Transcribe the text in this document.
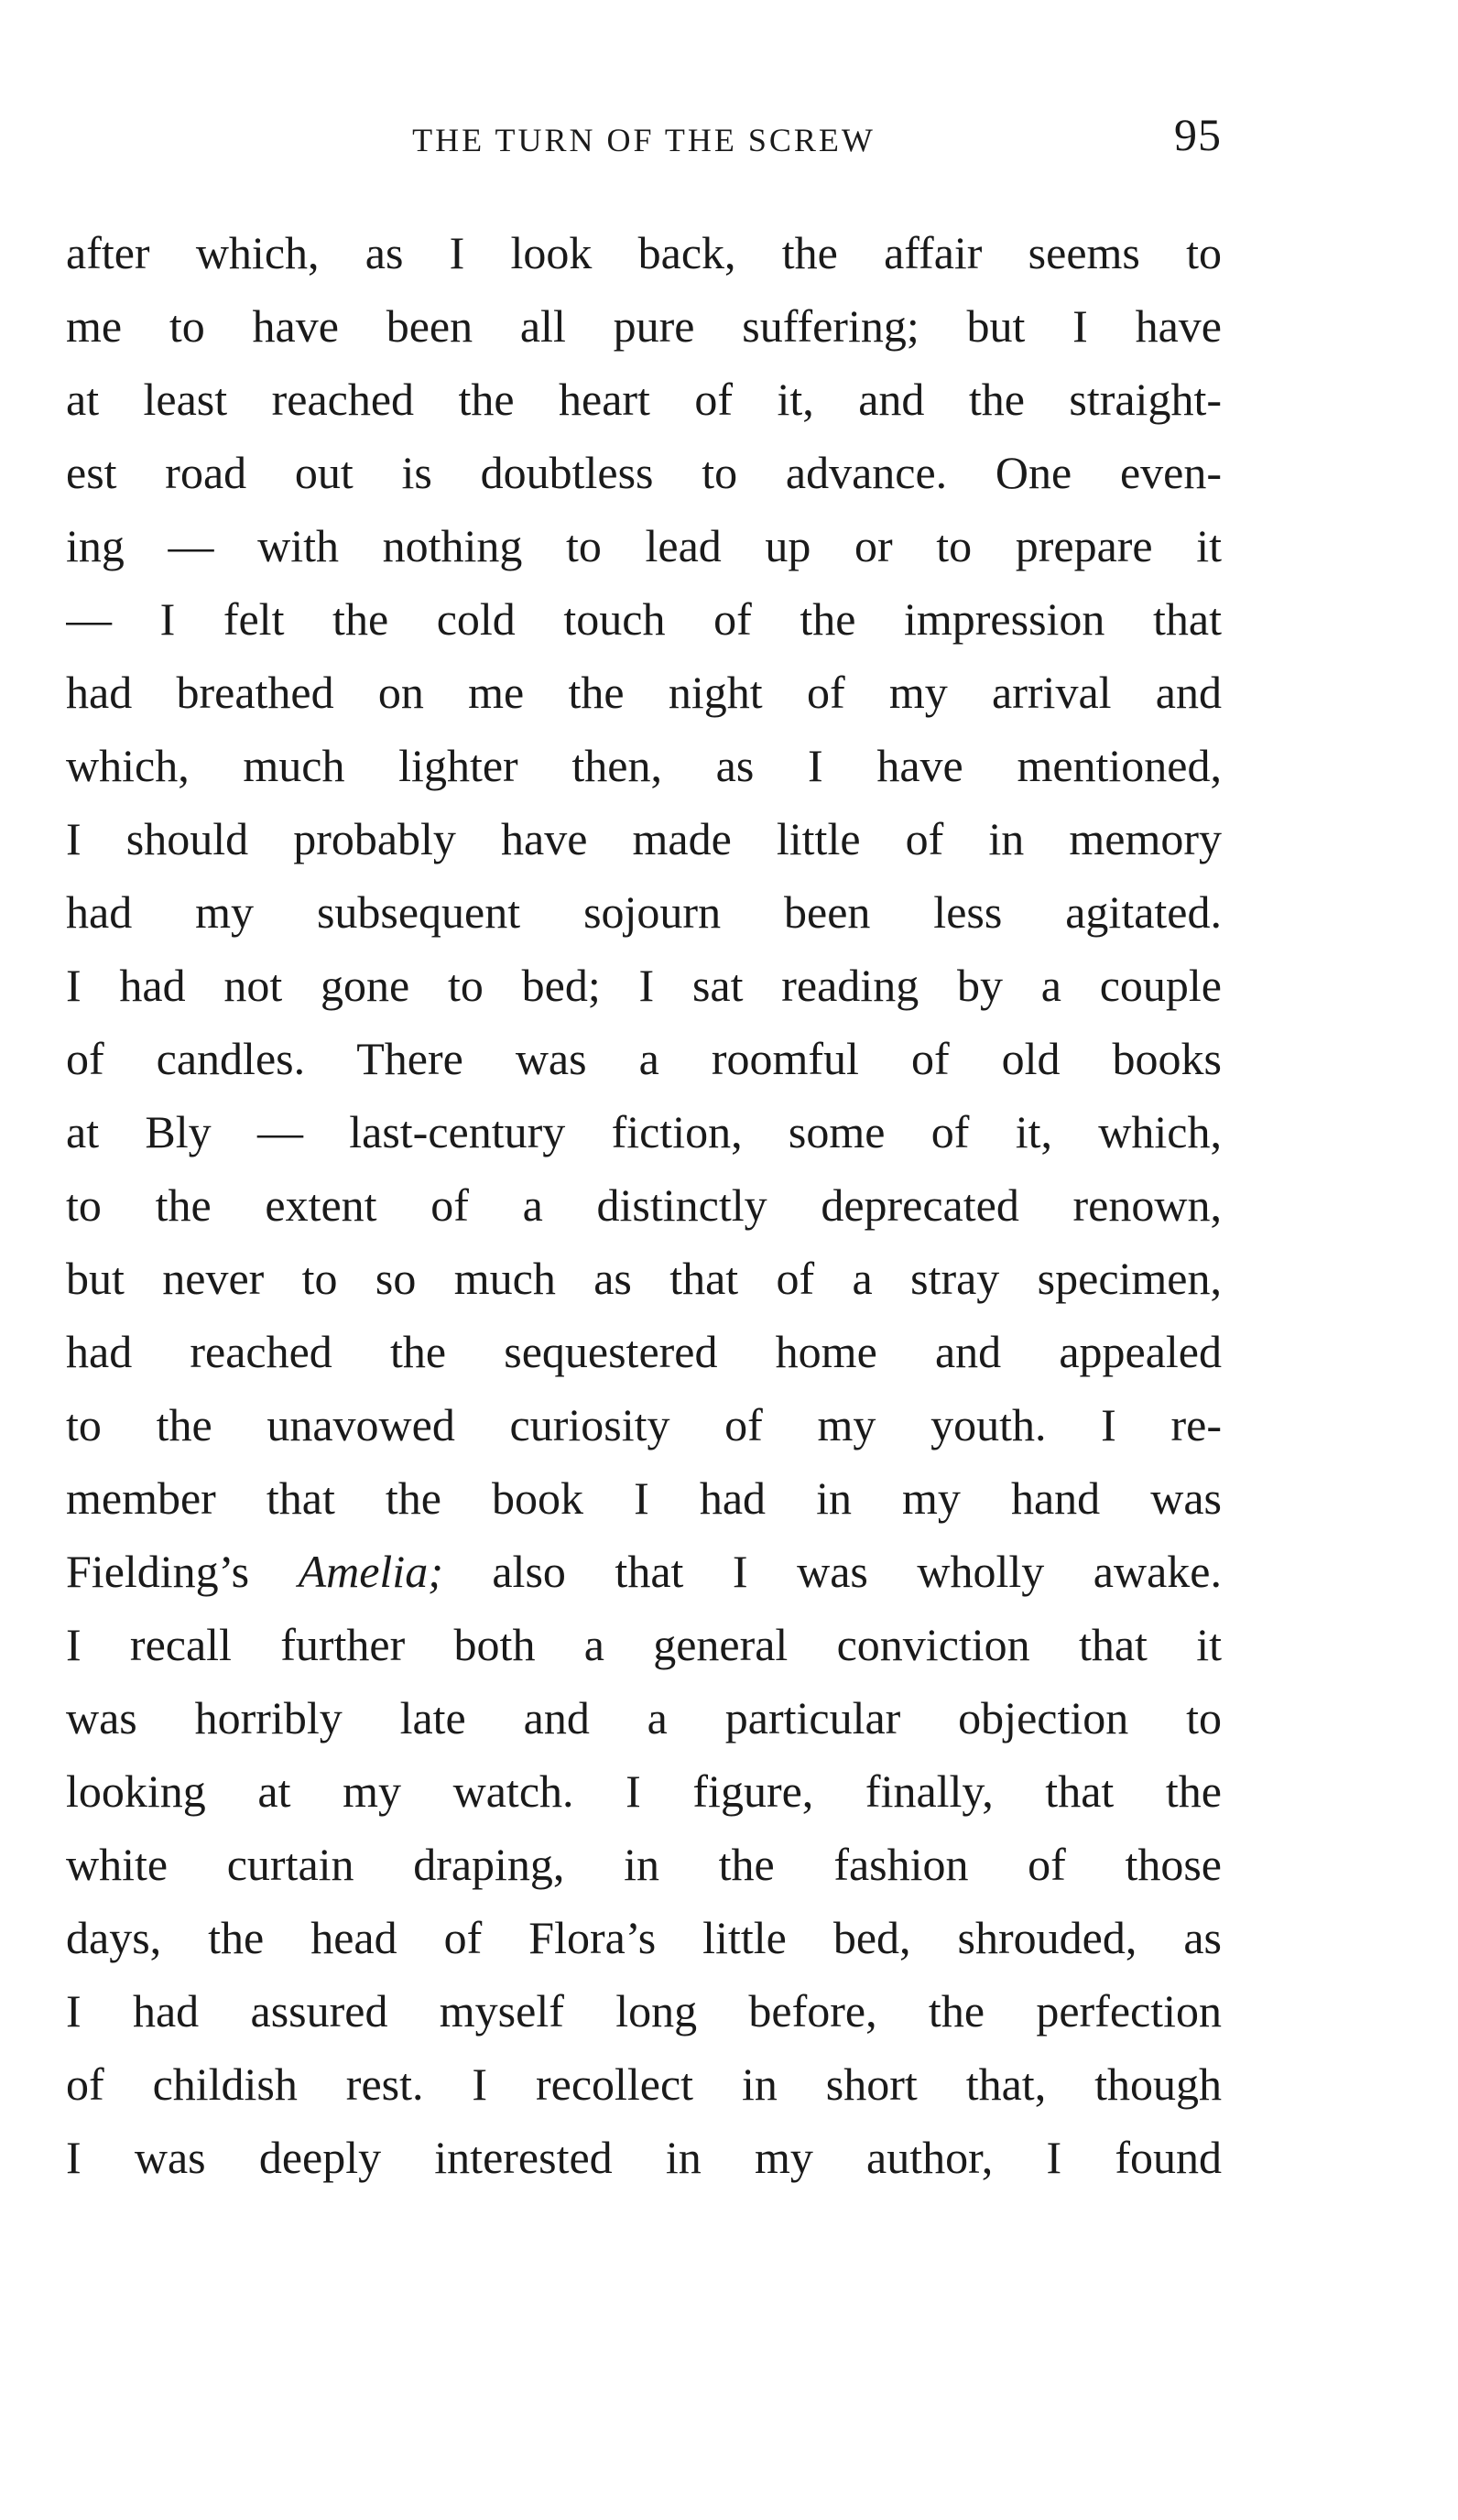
THE TURN OF THE SCREW	95
after which, as I look back, the affair seems to
me to have been all pure suffering; but I have
at least reached the heart of it, and the straight-
est road out is doubtless to advance. One even-
ing — with nothing to lead up or to prepare it
— I felt the cold touch of the impression that
had breathed on me the night of my arrival and
which, much lighter then, as I have mentioned,
I should probably have made little of in memory
had my subsequent sojourn been less agitated.
I had not gone to bed; I sat reading by a couple
of candles. There was a roomful of old books
at Bly — last-century fiction, some of it, which,
to the extent of a distinctly deprecated renown,
but never to so much as that of a stray specimen,
had reached the sequestered home and appealed
to the unavowed curiosity of my youth. I re-
member that the book I had in my hand was
Fielding’s Amelia; also that I was wholly awake.
I recall further both a general conviction that it
was horribly late and a particular objection to
looking at my watch. I figure, finally, that the
white curtain draping, in the fashion of those
days, the head of Flora’s little bed, shrouded, as
I had assured myself long before, the perfection
of childish rest. I recollect in short that, though
I was deeply interested in my author, I found
